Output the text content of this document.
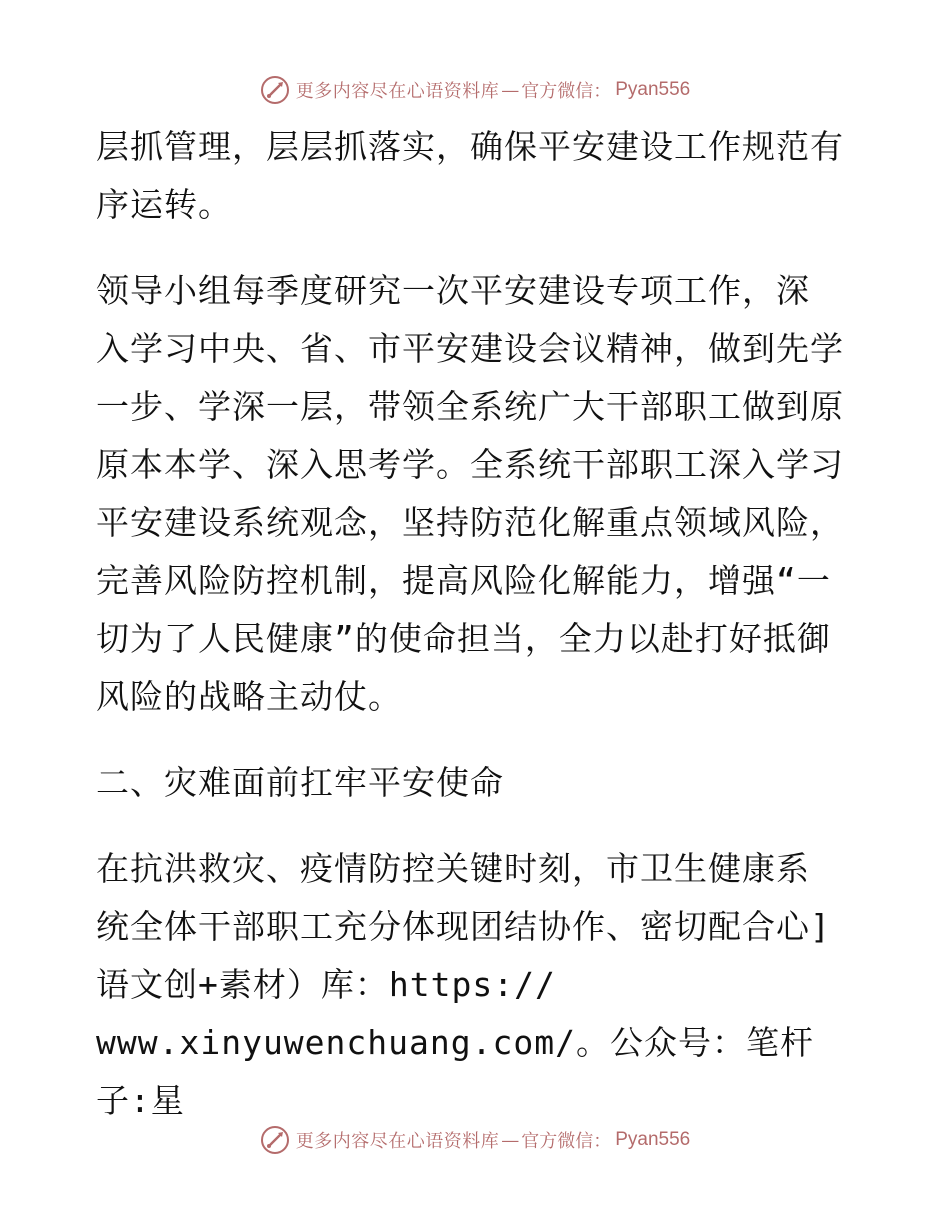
更多内容尽在心语资料库 — 官方微信： Pyan556

层抓管理，层层抓落实，确保平安建设工作规范有
序运转。

领导小组每季度研究一次平安建设专项工作，深
入学习中央、省、市平安建设会议精神，做到先学
一步、学深一层，带领全系统广大干部职工做到原
原本本学、深入思考学。全系统干部职工深入学习
平安建设系统观念，坚持防范化解重点领域风险，
完善风险防控机制，提高风险化解能力，增强“一
切为了人民健康”的使命担当，全力以赴打好抵御
风险的战略主动仗。

二、灾难面前扛牢平安使命

在抗洪救灾、疫情防控关键时刻，市卫生健康系
统全体干部职工充分体现团结协作、密切配合心]
语文创+素材）库：https://
www.xinyuwenchuang.com/。公众号：笔杆子:星

更多内容尽在心语资料库 — 官方微信： Pyan556
